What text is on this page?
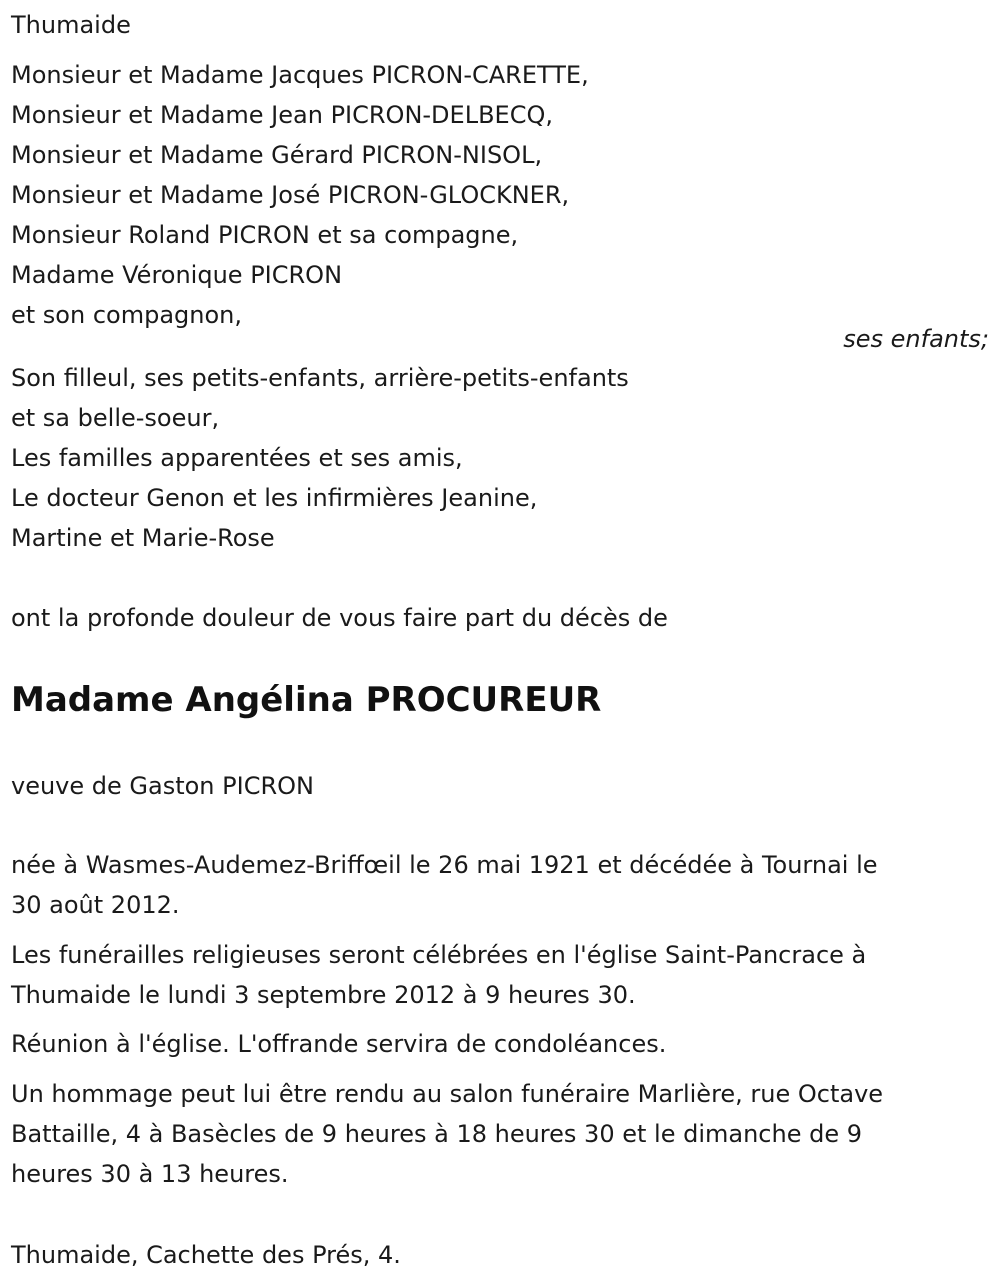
Thumaide
Monsieur et Madame Jacques PICRON-CARETTE,
Monsieur et Madame Jean PICRON-DELBECQ,
Monsieur et Madame Gérard PICRON-NISOL,
Monsieur et Madame José PICRON-GLOCKNER,
Monsieur Roland PICRON et sa compagne,
Madame Véronique PICRON
et son compagnon,
ses enfants;
Son filleul, ses petits-enfants, arrière-petits-enfants
et sa belle-soeur,
Les familles apparentées et ses amis,
Le docteur Genon et les infirmières Jeanine,
Martine et Marie-Rose
ont la profonde douleur de vous faire part du décès de
Madame Angélina PROCUREUR
veuve de Gaston PICRON
née à Wasmes-Audemez-Briffœil le 26 mai 1921 et décédée à Tournai le
30 août 2012.
Les funérailles religieuses seront célébrées en l'église Saint-Pancrace à
Thumaide le lundi 3 septembre 2012 à 9 heures 30.
Réunion à l'église. L'offrande servira de condoléances.
Un hommage peut lui être rendu au salon funéraire Marlière, rue Octave
Battaille, 4 à Basècles de 9 heures à 18 heures 30 et le dimanche de 9
heures 30 à 13 heures.
Thumaide, Cachette des Prés, 4.
